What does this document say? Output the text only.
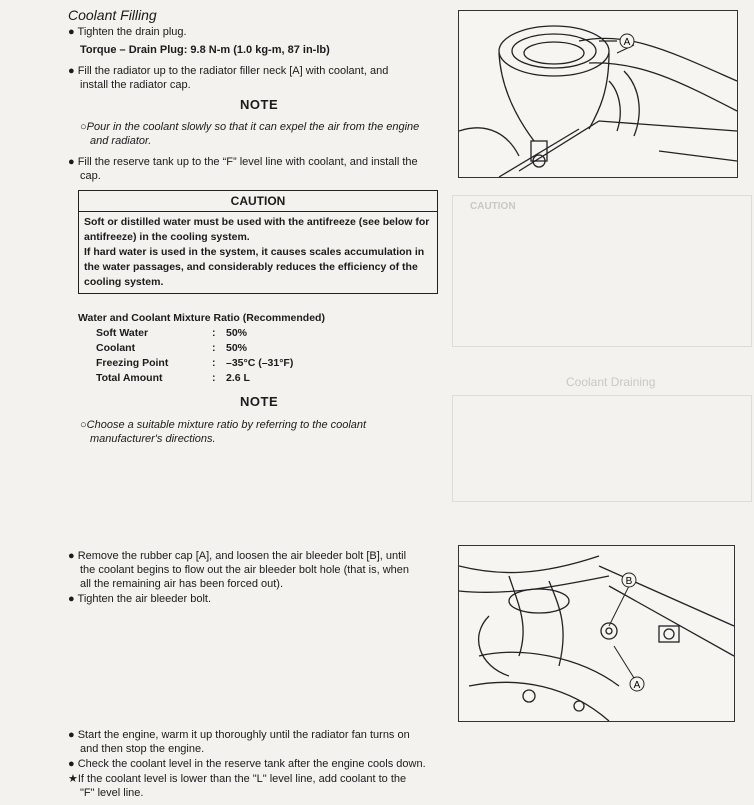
CAUTION
Coolant Draining
Coolant Filling
● Tighten the drain plug.
Torque – Drain Plug: 9.8 N-m (1.0 kg-m, 87 in-lb)
● Fill the radiator up to the radiator filler neck [A] with coolant, and
install the radiator cap.
NOTE
○Pour in the coolant slowly so that it can expel the air from the engine
and radiator.
● Fill the reserve tank up to the “F” level line with coolant, and install the
cap.
CAUTION
Soft or distilled water must be used with the antifreeze (see below for
antifreeze) in the cooling system.
If hard water is used in the system, it causes scales accumulation in
the water passages, and considerably reduces the efficiency of the
cooling system.
Water and Coolant Mixture Ratio (Recommended)
Soft Water	: 50%
Coolant	: 50%
Freezing Point	: –35°C (–31°F)
Total Amount	: 2.6 L
NOTE
○Choose a suitable mixture ratio by referring to the coolant
manufacturer's directions.
● Remove the rubber cap [A], and loosen the air bleeder bolt [B], until
the coolant begins to flow out the air bleeder bolt hole (that is, when
all the remaining air has been forced out).
● Tighten the air bleeder bolt.
● Start the engine, warm it up thoroughly until the radiator fan turns on
and then stop the engine.
● Check the coolant level in the reserve tank after the engine cools down.
★If the coolant level is lower than the "L" level line, add coolant to the
"F" level line.
A
B
A
